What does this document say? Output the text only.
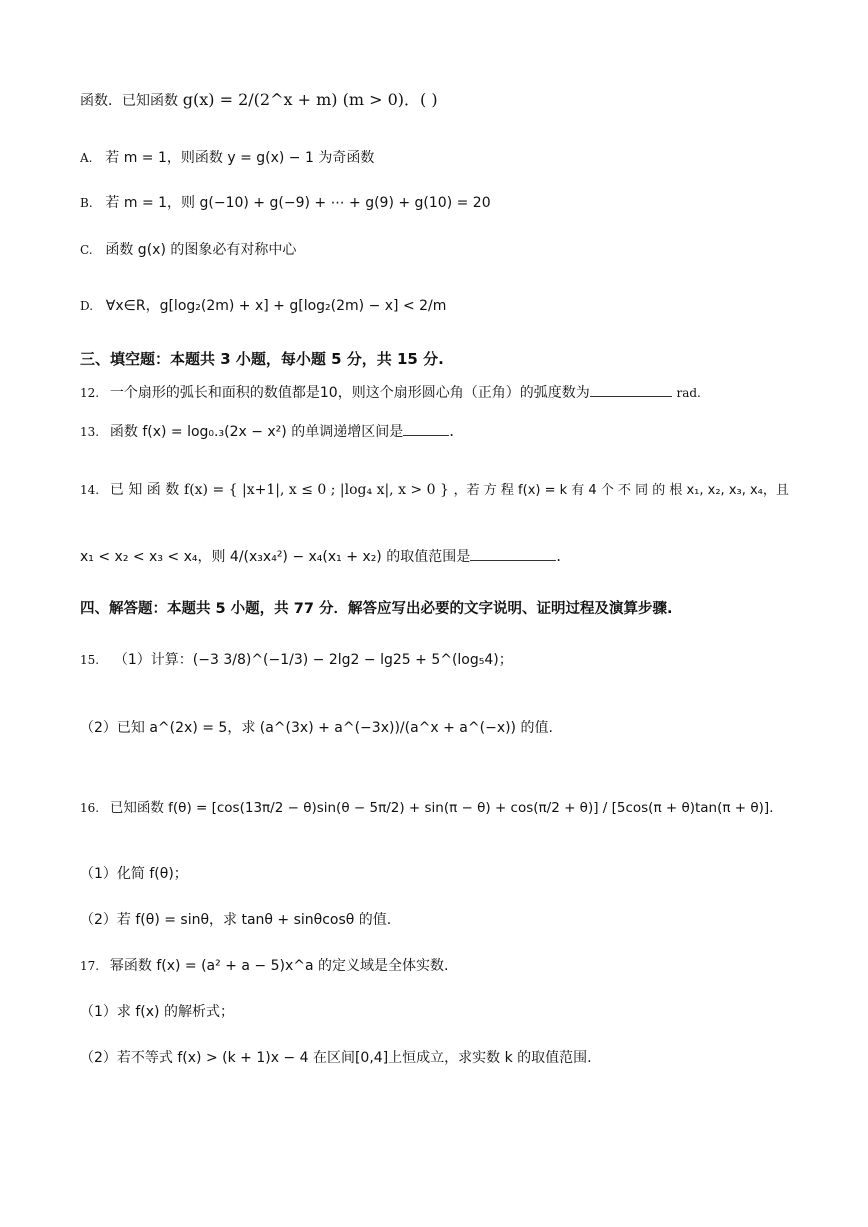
函数．已知函数 g(x) = 2/(2^x + m) (m > 0)．( )
A. 若 m = 1，则函数 y = g(x) − 1 为奇函数
B. 若 m = 1，则 g(−10) + g(−9) + ⋯ + g(9) + g(10) = 20
C. 函数 g(x) 的图象必有对称中心
D. ∀x∈R，g[log₂(2m) + x] + g[log₂(2m) − x] < 2/m
三、填空题：本题共 3 小题，每小题 5 分，共 15 分.
12. 一个扇形的弧长和面积的数值都是10，则这个扇形圆心角（正角）的弧度数为	rad.
13. 函数 f(x) = log₀.₃(2x − x²) 的单调递增区间是	.
14. 已 知 函 数 f(x) = { |x+1|, x ≤ 0 ; |log₄ x|, x > 0 } ，若 方 程 f(x) = k 有 4 个 不 同 的 根 x₁, x₂, x₃, x₄，且
x₁ < x₂ < x₃ < x₄，则 4/(x₃x₄²) − x₄(x₁ + x₂) 的取值范围是	.
四、解答题：本题共 5 小题，共 77 分．解答应写出必要的文字说明、证明过程及演算步骤.
15. （1）计算：(−3 3/8)^(−1/3) − 2lg2 − lg25 + 5^(log₅4)；
（2）已知 a^(2x) = 5，求 (a^(3x) + a^(−3x))/(a^x + a^(−x)) 的值.
16. 已知函数 f(θ) = [cos(13π/2 − θ)sin(θ − 5π/2) + sin(π − θ) + cos(π/2 + θ)] / [5cos(π + θ)tan(π + θ)]．
（1）化简 f(θ)；
（2）若 f(θ) = sinθ，求 tanθ + sinθcosθ 的值.
17. 幂函数 f(x) = (a² + a − 5)x^a 的定义域是全体实数.
（1）求 f(x) 的解析式；
（2）若不等式 f(x) > (k + 1)x − 4 在区间[0,4]上恒成立，求实数 k 的取值范围.
